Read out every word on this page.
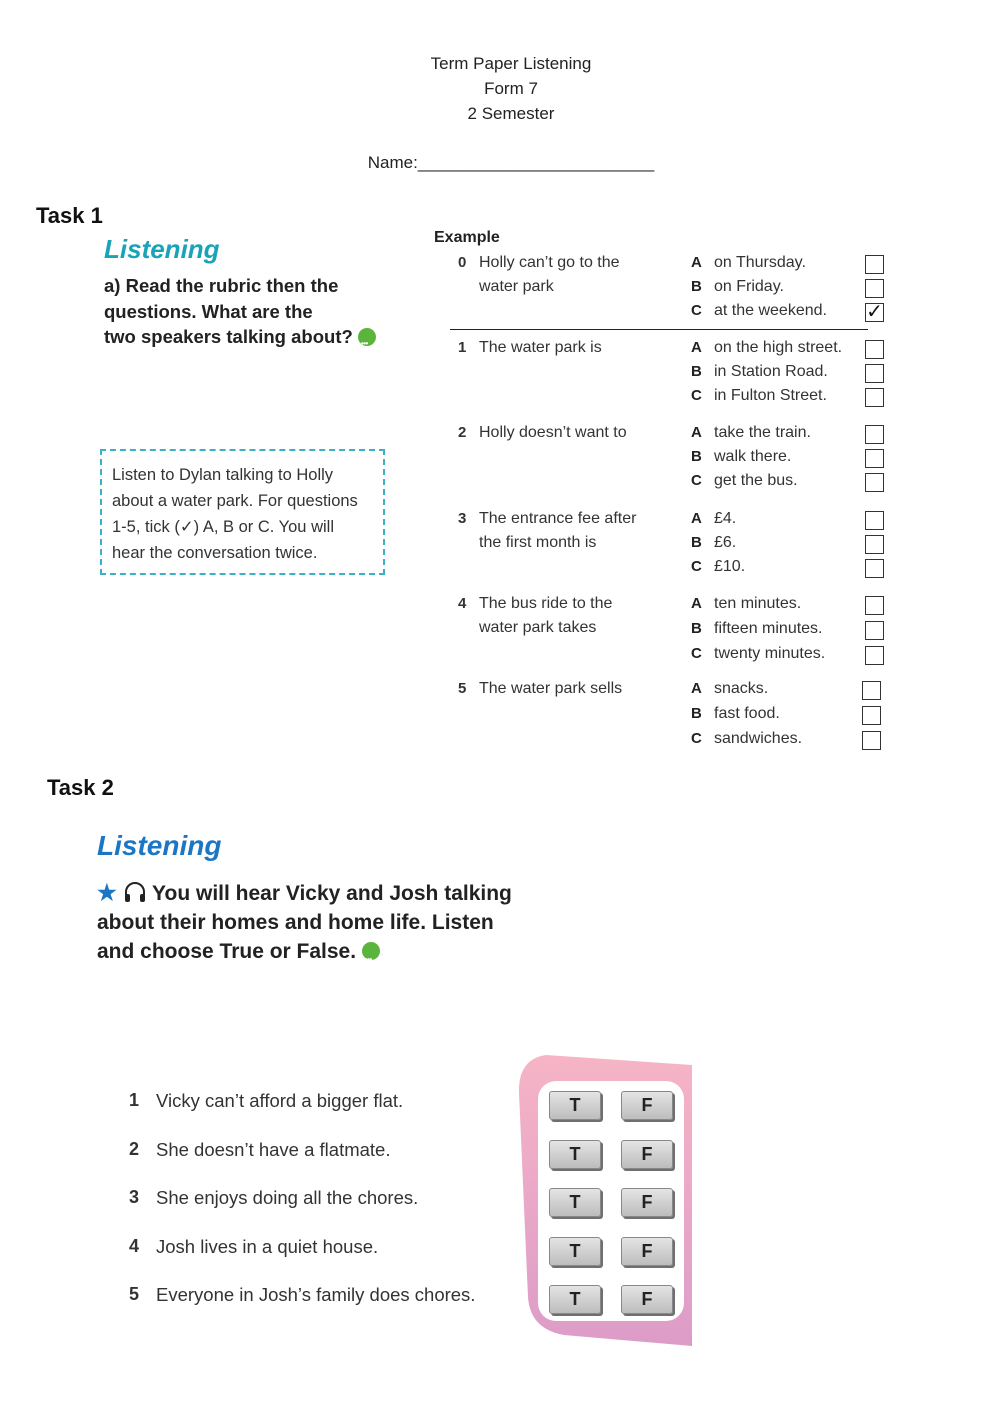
Term Paper Listening
Form 7
2 Semester
Name:_________________________
Task 1
Listening
a) Read the rubric then the
questions. What are the
two speakers talking about? •••
Listen to Dylan talking to Holly
about a water park. For questions
1-5, tick (✓) A, B or C. You will
hear the conversation twice.
Example
0 Holly can’t go to the
water park
A on Thursday.
B on Friday.
C at the weekend. ✓
1 The water park is	A on the high street.
B in Station Road.
C in Fulton Street.
2 Holly doesn’t want to	A take the train.
B walk there.
C get the bus.
3 The entrance fee after
the first month is
A £4.
B £6.
C £10.
4 The bus ride to the
water park takes
A ten minutes.
B fifteen minutes.
C twenty minutes.
5 The water park sells	A snacks.
B fast food.
C sandwiches.
Task 2
Listening
★ You will hear Vicky and Josh talking
about their homes and home life. Listen
and choose True or False. •••
1 Vicky can’t afford a bigger flat.	T	F
2 She doesn’t have a flatmate.	T	F
3 She enjoys doing all the chores.	T	F
4 Josh lives in a quiet house.	T	F
5 Everyone in Josh’s family does chores.	T	F
